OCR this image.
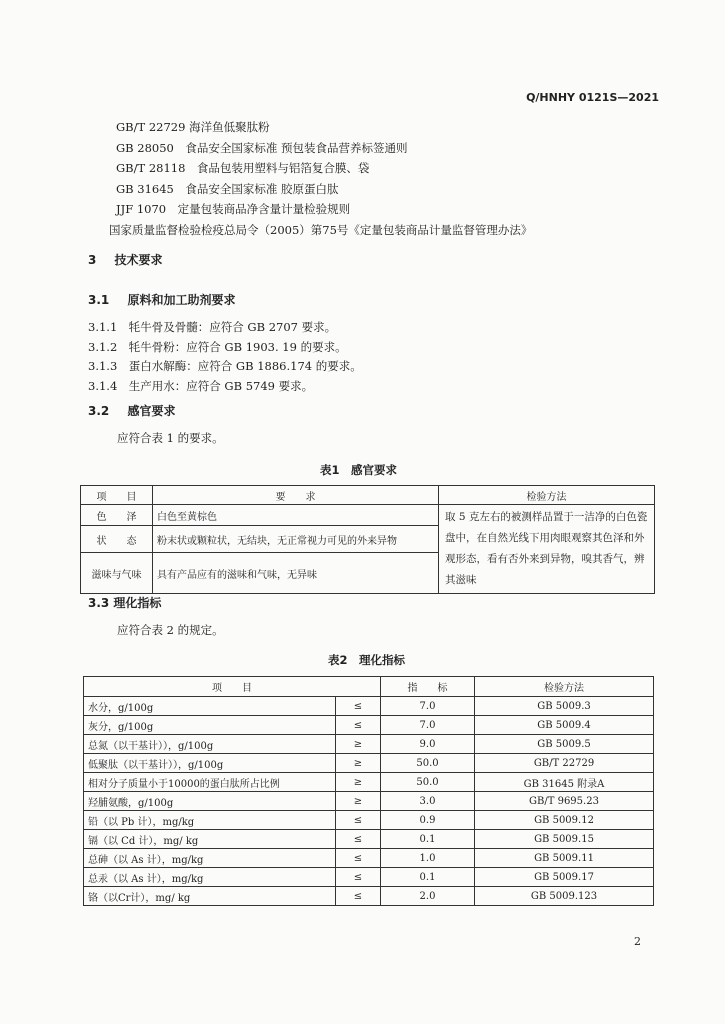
Q/HNHY 0121S—2021
GB/T 22729 海洋鱼低聚肽粉
GB 28050　食品安全国家标准 预包装食品营养标签通则
GB/T 28118　食品包装用塑料与铝箔复合膜、袋
GB 31645　食品安全国家标准 胶原蛋白肽
JJF 1070　定量包装商品净含量计量检验规则
国家质量监督检验检疫总局令（2005）第75号《定量包装商品计量监督管理办法》
3 技术要求
3.1 原料和加工助剂要求
3.1.1　 牦牛骨及骨髓：应符合 GB 2707 要求。
3.1.2　 牦牛骨粉：应符合 GB 1903. 19 的要求。
3.1.3　 蛋白水解酶：应符合 GB 1886.174 的要求。
3.1.4　 生产用水：应符合 GB 5749 要求。
3.2 感官要求
应符合表 1 的要求。
表1　感官要求
项　　目	要　　求	检验方法
色　　泽	白色至黄棕色	取 5 克左右的被测样品置于一洁净的白色瓷盘中，在自然光线下用肉眼观察其色泽和外观形态，看有否外来到异物，嗅其香气，辨其滋味
状　　态	粉末状或颗粒状，无结块，无正常视力可见的外来异物	
滋味与气味	具有产品应有的滋味和气味，无异味	
3.3 理化指标
应符合表 2 的规定。
表2　理化指标
项　　目		指　　标	检验方法
水分，g/100g	≤	7.0	GB 5009.3
灰分，g/100g	≤	7.0	GB 5009.4
总氮（以干基计）），g/100g	≥	9.0	GB 5009.5
低聚肽（以干基计）），g/100g	≥	50.0	GB/T 22729
相对分子质量小于10000的蛋白肽所占比例	≥	50.0	GB 31645 附录A
羟脯氨酸，g/100g	≥	3.0	GB/T 9695.23
铅（以 Pb 计），mg/kg	≤	0.9	GB 5009.12
镉（以 Cd 计），mg/ kg	≤	0.1	GB 5009.15
总砷（以 As 计），mg/kg	≤	1.0	GB 5009.11
总汞（以 As 计），mg/kg	≤	0.1	GB 5009.17
铬（以Cr计），mg/ kg	≤	2.0	GB 5009.123
2
